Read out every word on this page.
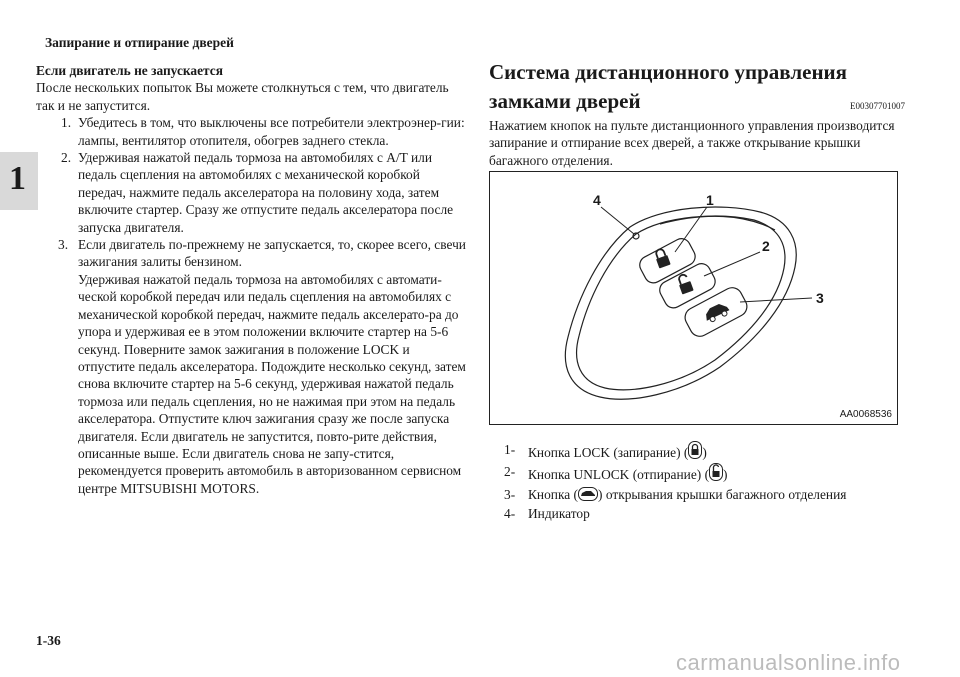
Запирание и отпирание дверей
1

Если двигатель не запускается

После нескольких попыток Вы можете столкнуться с тем, что двигатель так и не запустится.

1. Убедитесь в том, что выключены все потребители электроэнер-гии: лампы, вентилятор отопителя, обогрев заднего стекла.
2. Удерживая нажатой педаль тормоза на автомобилях с A/T или педаль сцепления на автомобилях с механической коробкой передач, нажмите педаль акселератора на половину хода, затем включите стартер. Сразу же отпустите педаль акселератора после запуска двигателя.
3. Если двигатель по-прежнему не запускается, то, скорее всего, свечи зажигания залиты бензином.
Удерживая нажатой педаль тормоза на автомобилях с автомати-ческой коробкой передач или педаль сцепления на автомобилях с механической коробкой передач, нажмите педаль акселерато-ра до упора и удерживая ее в этом положении включите стартер на 5-6 секунд. Поверните замок зажигания в положение LOCK и отпустите педаль акселератора. Подождите несколько секунд, затем снова включите стартер на 5-6 секунд, удерживая нажатой педаль тормоза или педаль сцепления, но не нажимая при этом на педаль акселератора. Отпустите ключ зажигания сразу же после запуска двигателя. Если двигатель не запустится, повто-рите действия, описанные выше. Если двигатель снова не запу-стится, рекомендуется проверить автомобиль в авторизованном сервисном центре MITSUBISHI MOTORS.
Система дистанционного управления замками дверей	E00307701007

Нажатием кнопок на пульте дистанционного управления производится запирание и отпирание всех дверей, а также открывание крышки багажного отделения.

4	1
2
3
AA0068536
1- Кнопка LOCK (запирание) ( )
2- Кнопка UNLOCK (отпирание) ( )
3- Кнопка ( ) открывания крышки багажного отделения
4- Индикатор
1-36
carmanualsonline.info
